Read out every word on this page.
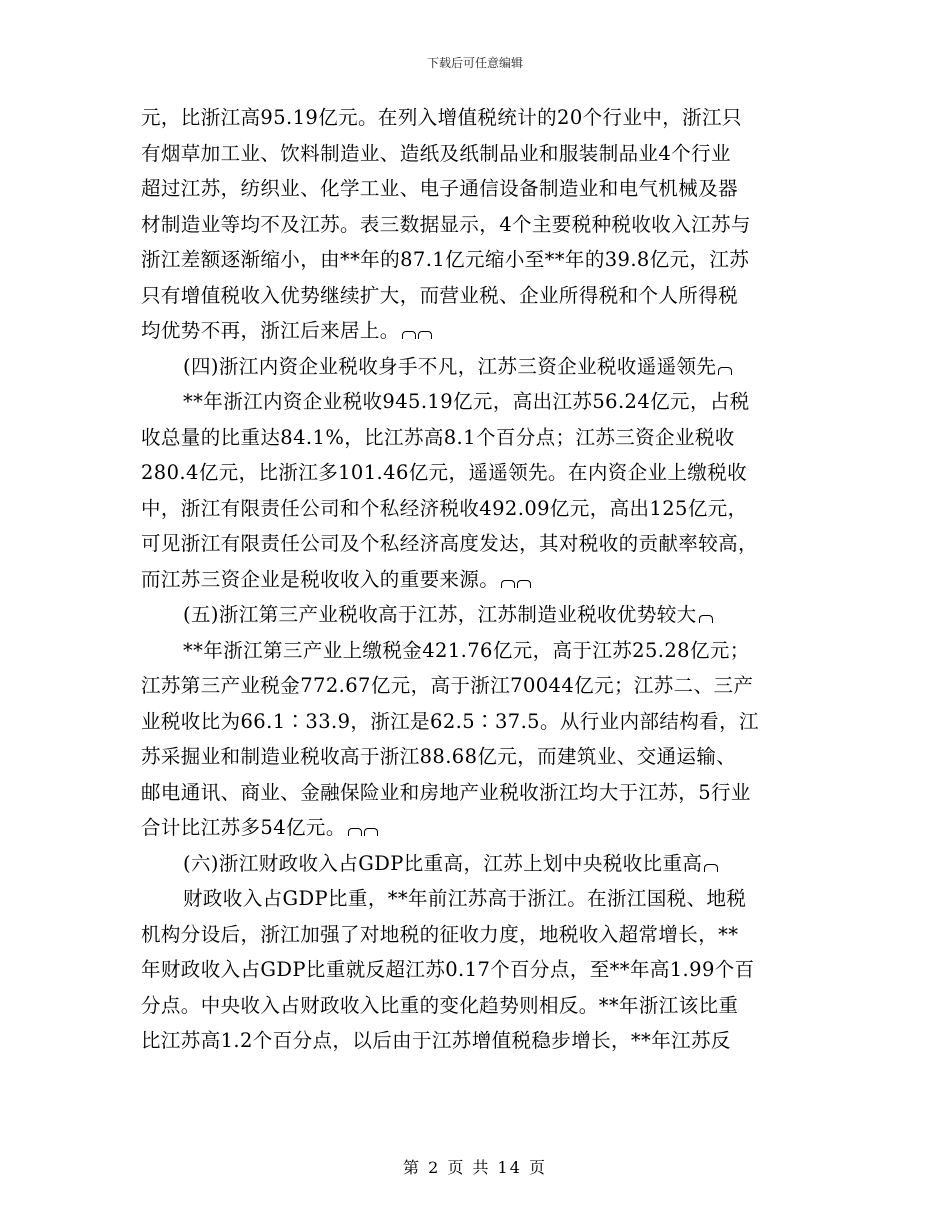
下载后可任意编辑
元，比浙江高95.19亿元。在列入增值税统计的20个行业中，浙江只
有烟草加工业、饮料制造业、造纸及纸制品业和服装制品业4个行业
超过江苏，纺织业、化学工业、电子通信设备制造业和电气机械及器
材制造业等均不及江苏。表三数据显示，4个主要税种税收收入江苏与
浙江差额逐渐缩小，由**年的87.1亿元缩小至**年的39.8亿元，江苏
只有增值税收入优势继续扩大，而营业税、企业所得税和个人所得税
均优势不再，浙江后来居上。
(四)浙江内资企业税收身手不凡，江苏三资企业税收遥遥领先
**年浙江内资企业税收945.19亿元，高出江苏56.24亿元，占税
收总量的比重达84.1%，比江苏高8.1个百分点；江苏三资企业税收
280.4亿元，比浙江多101.46亿元，遥遥领先。在内资企业上缴税收
中，浙江有限责任公司和个私经济税收492.09亿元，高出125亿元，
可见浙江有限责任公司及个私经济高度发达，其对税收的贡献率较高，
而江苏三资企业是税收收入的重要来源。
(五)浙江第三产业税收高于江苏，江苏制造业税收优势较大
**年浙江第三产业上缴税金421.76亿元，高于江苏25.28亿元；
江苏第三产业税金772.67亿元，高于浙江70044亿元；江苏二、三产
业税收比为66.1∶33.9，浙江是62.5∶37.5。从行业内部结构看，江
苏采掘业和制造业税收高于浙江88.68亿元，而建筑业、交通运输、
邮电通讯、商业、金融保险业和房地产业税收浙江均大于江苏，5行业
合计比江苏多54亿元。
(六)浙江财政收入占GDP比重高，江苏上划中央税收比重高
财政收入占GDP比重，**年前江苏高于浙江。在浙江国税、地税
机构分设后，浙江加强了对地税的征收力度，地税收入超常增长，**
年财政收入占GDP比重就反超江苏0.17个百分点，至**年高1.99个百
分点。中央收入占财政收入比重的变化趋势则相反。**年浙江该比重
比江苏高1.2个百分点，以后由于江苏增值税稳步增长，**年江苏反
第 2 页 共 14 页
